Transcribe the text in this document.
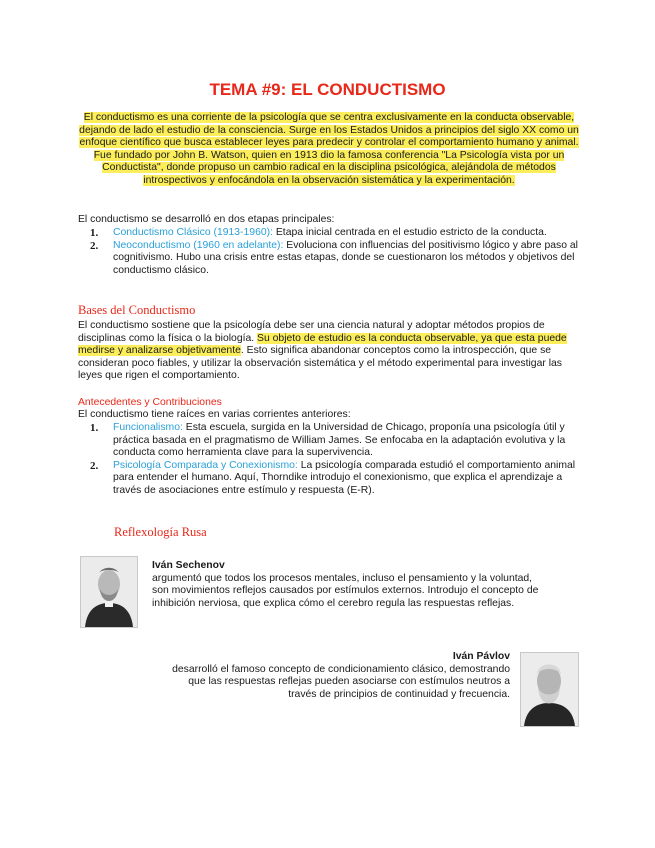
TEMA #9: EL CONDUCTISMO
El conductismo es una corriente de la psicología que se centra exclusivamente en la conducta observable, dejando de lado el estudio de la consciencia. Surge en los Estados Unidos a principios del siglo XX como un enfoque científico que busca establecer leyes para predecir y controlar el comportamiento humano y animal. Fue fundado por John B. Watson, quien en 1913 dio la famosa conferencia "La Psicología vista por un Conductista", donde propuso un cambio radical en la disciplina psicológica, alejándola de métodos introspectivos y enfocándola en la observación sistemática y la experimentación.
El conductismo se desarrolló en dos etapas principales:
1. Conductismo Clásico (1913-1960): Etapa inicial centrada en el estudio estricto de la conducta.
2. Neoconductismo (1960 en adelante): Evoluciona con influencias del positivismo lógico y abre paso al cognitivismo. Hubo una crisis entre estas etapas, donde se cuestionaron los métodos y objetivos del conductismo clásico.
Bases del Conductismo
El conductismo sostiene que la psicología debe ser una ciencia natural y adoptar métodos propios de disciplinas como la física o la biología. Su objeto de estudio es la conducta observable, ya que esta puede medirse y analizarse objetivamente. Esto significa abandonar conceptos como la introspección, que se consideran poco fiables, y utilizar la observación sistemática y el método experimental para investigar las leyes que rigen el comportamiento.
Antecedentes y Contribuciones
El conductismo tiene raíces en varias corrientes anteriores:
1. Funcionalismo: Esta escuela, surgida en la Universidad de Chicago, proponía una psicología útil y práctica basada en el pragmatismo de William James. Se enfocaba en la adaptación evolutiva y la conducta como herramienta clave para la supervivencia.
2. Psicología Comparada y Conexionismo: La psicología comparada estudió el comportamiento animal para entender el humano. Aquí, Thorndike introdujo el conexionismo, que explica el aprendizaje a través de asociaciones entre estímulo y respuesta (E-R).
Reflexología Rusa
Iván Sechenov
argumentó que todos los procesos mentales, incluso el pensamiento y la voluntad, son movimientos reflejos causados por estímulos externos. Introdujo el concepto de inhibición nerviosa, que explica cómo el cerebro regula las respuestas reflejas.
Iván Pávlov
desarrolló el famoso concepto de condicionamiento clásico, demostrando que las respuestas reflejas pueden asociarse con estímulos neutros a través de principios de continuidad y frecuencia.
